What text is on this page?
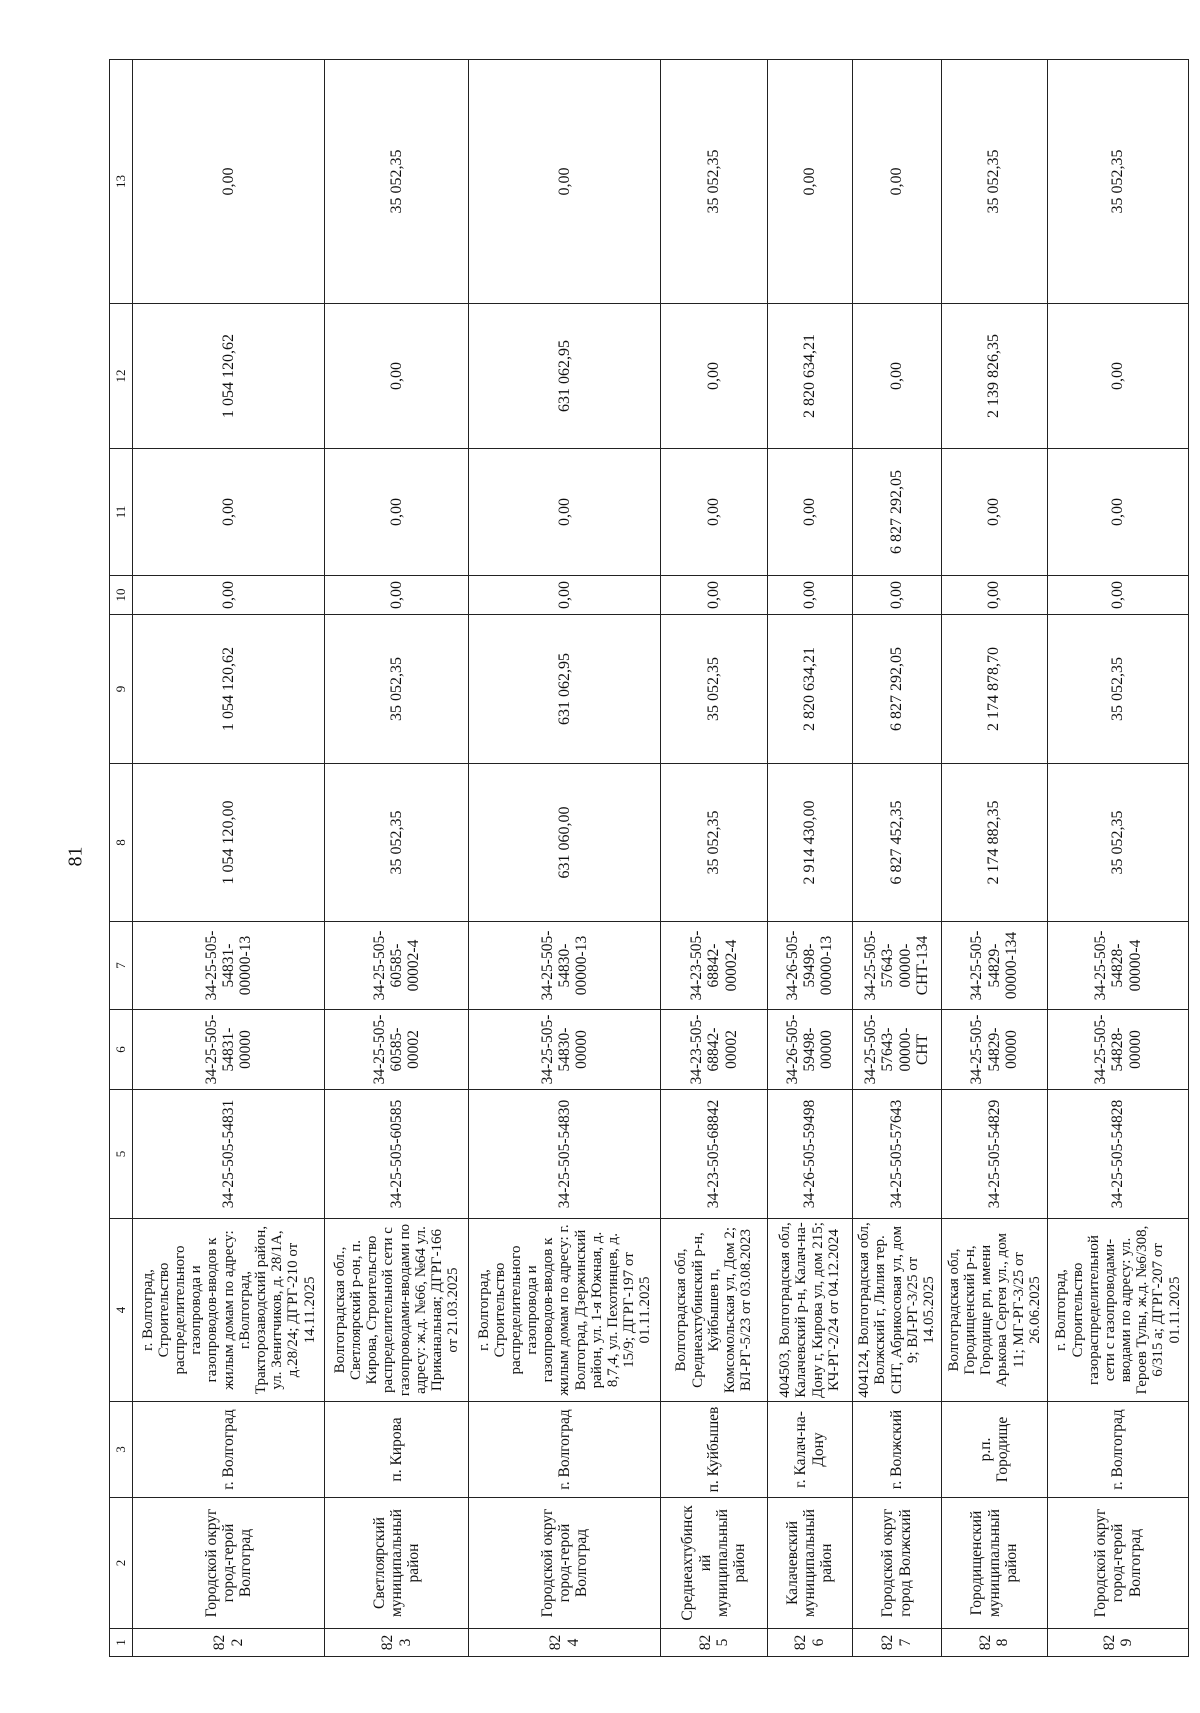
81
1	2	3	4	5	6	7	8	9	10	11	12	13
822	Городской округ город-герой Волгоград	г. Волгоград	г. Волгоград, Строительство распределительного газопровода и газопроводов-вводов к жилым домам по адресу: г.Волгоград, Тракторозаводский район, ул. Зенитчиков, д. 28/1А, д.28/24; ДГРГ-210 от 14.11.2025	34-25-505-54831	34-25-505-54831-00000	34-25-505-54831-00000-13	1 054 120,00	1 054 120,62	0,00	0,00	1 054 120,62	0,00
823	Светлоярский муниципальный район	п. Кирова	Волгоградская обл., Светлоярский р-он, п. Кирова, Строительство распределительной сети с газопроводами-вводами по адресу: ж.д. №66, №64 ул. Приканальная; ДГРГ-166 от 21.03.2025	34-25-505-60585	34-25-505-60585-00002	34-25-505-60585-00002-4	35 052,35	35 052,35	0,00	0,00	0,00	35 052,35
824	Городской округ город-герой Волгоград	г. Волгоград	г. Волгоград, Строительство распределительного газопровода и газопроводов-вводов к жилым домам по адресу: г. Волгоград, Дзержинский район, ул. 1-я Южная, д. 8,7,4, ул. Пехотинцев, д. 15/9; ДГРГ-197 от 01.11.2025	34-25-505-54830	34-25-505-54830-00000	34-25-505-54830-00000-13	631 060,00	631 062,95	0,00	0,00	631 062,95	0,00
825	Среднеахтубинский муниципальный район	п. Куйбышев	Волгоградская обл, Среднеахтубинский р-н, Куйбышев п, Комсомольская ул, Дом 2; ВЛ-РГ-5/23 от 03.08.2023	34-23-505-68842	34-23-505-68842-00002	34-23-505-68842-00002-4	35 052,35	35 052,35	0,00	0,00	0,00	35 052,35
826	Калачевский муниципальный район	г. Калач-на-Дону	404503, Волгоградская обл, Калачевский р-н, Калач-на-Дону г, Кирова ул, дом 215; КЧ-РГ-2/24 от 04.12.2024	34-26-505-59498	34-26-505-59498-00000	34-26-505-59498-00000-13	2 914 430,00	2 820 634,21	0,00	0,00	2 820 634,21	0,00
827	Городской округ город Волжский	г. Волжский	404124, Волгоградская обл, Волжский г, Лилия тер. СНТ, Абрикосовая ул, дом 9; ВЛ-РГ-3/25 от 14.05.2025	34-25-505-57643	34-25-505-57643-00000-СНТ	34-25-505-57643-00000-СНТ-134	6 827 452,35	6 827 292,05	0,00	6 827 292,05	0,00	0,00
828	Городищенский муниципальный район	р.п. Городище	Волгоградская обл, Городищенский р-н, Городище рп, имени Арькова Сергея ул., дом 11; МГ-РГ-3/25 от 26.06.2025	34-25-505-54829	34-25-505-54829-00000	34-25-505-54829-00000-134	2 174 882,35	2 174 878,70	0,00	0,00	2 139 826,35	35 052,35
829	Городской округ город-герой Волгоград	г. Волгоград	г. Волгоград, Строительство газораспределительной сети с газопроводами-вводами по адресу: ул. Героев Тулы, ж.д. №6/308, 6/315 а; ДГРГ-207 от 01.11.2025	34-25-505-54828	34-25-505-54828-00000	34-25-505-54828-00000-4	35 052,35	35 052,35	0,00	0,00	0,00	35 052,35
